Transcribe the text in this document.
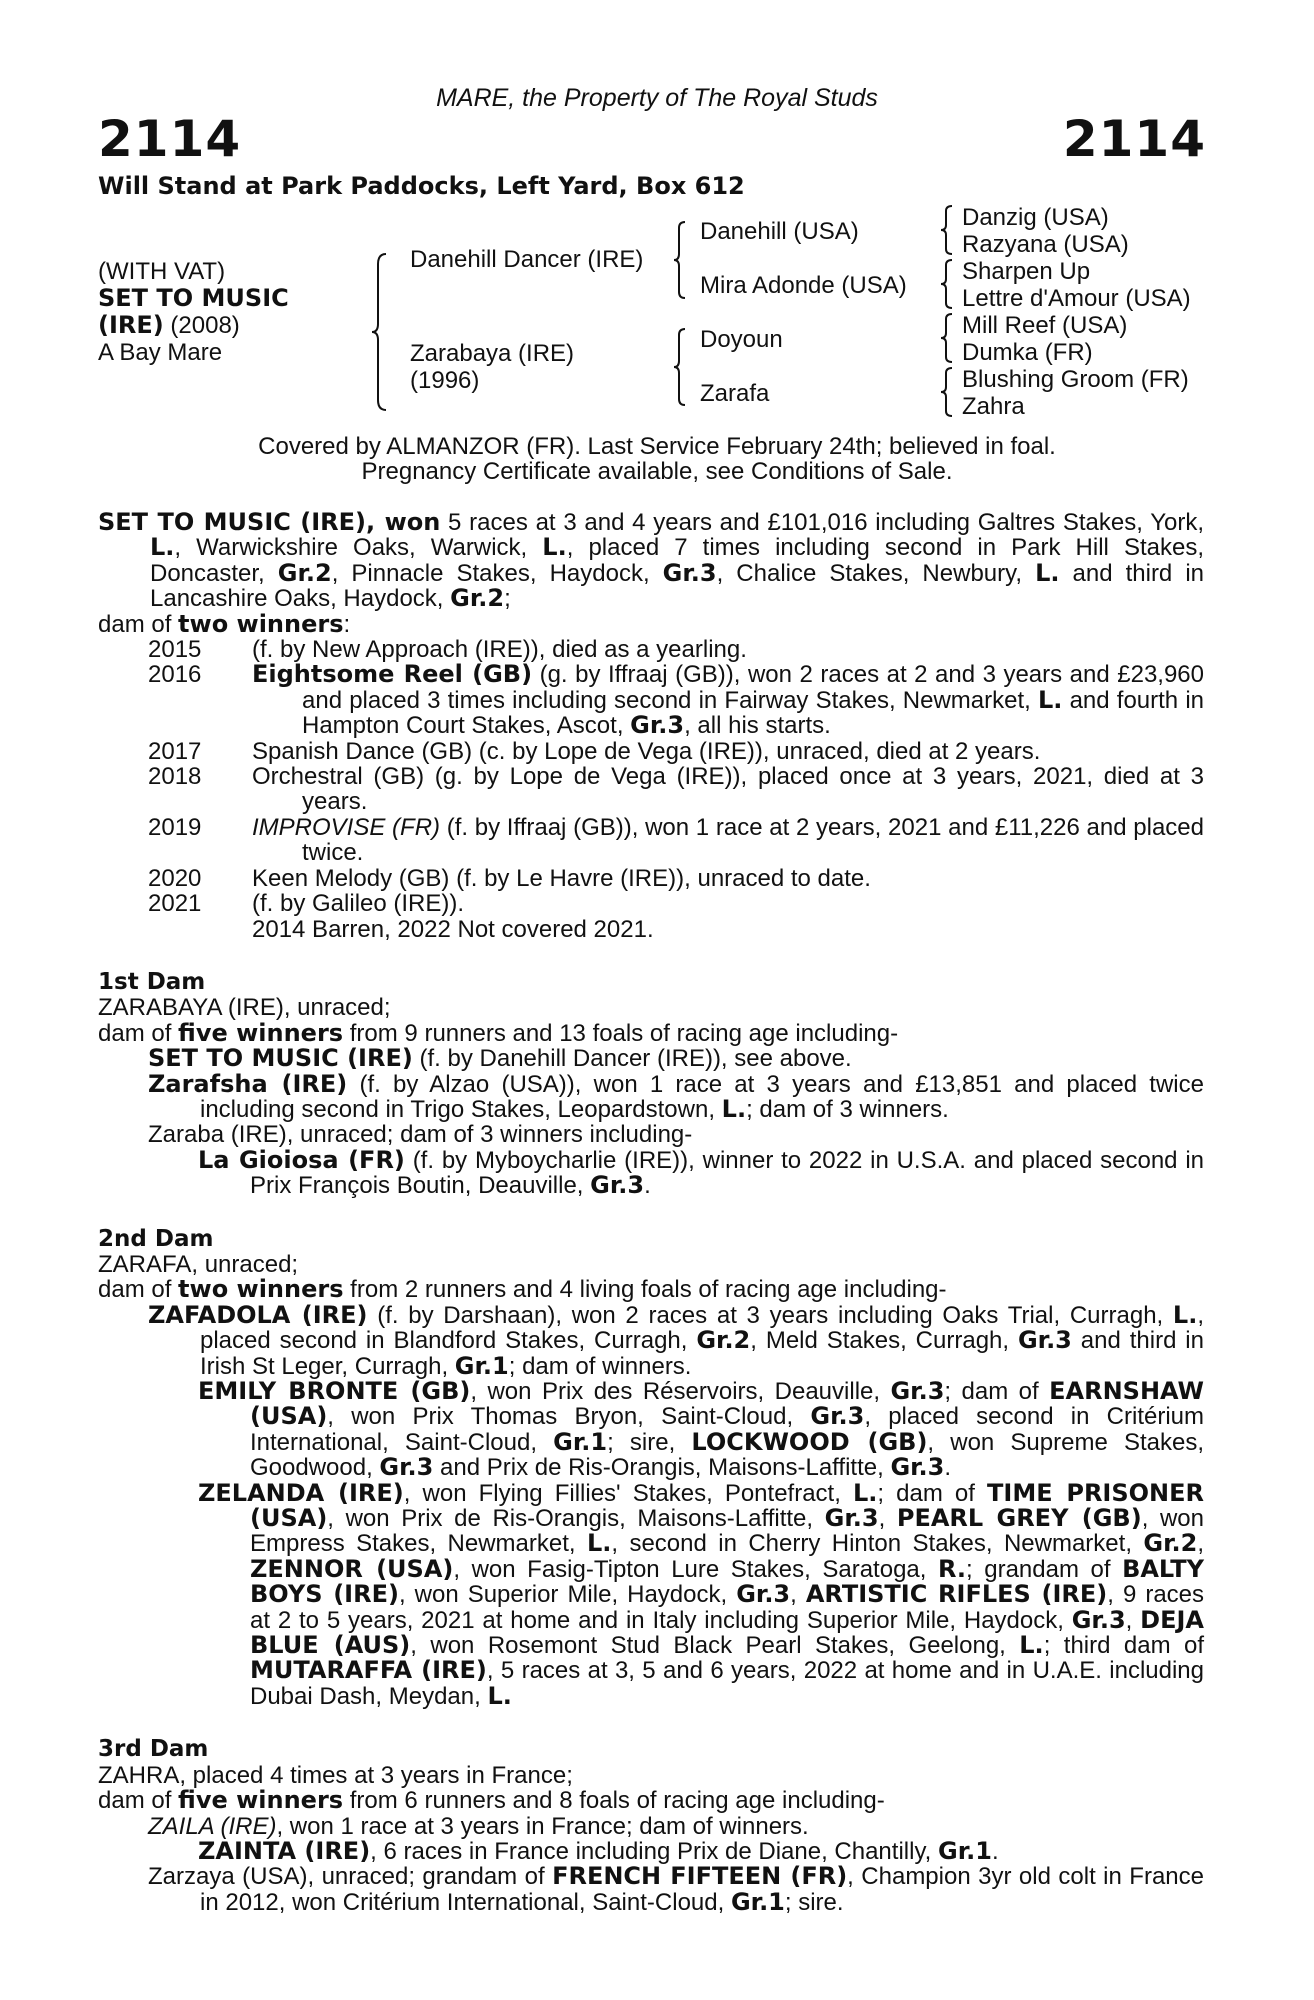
MARE, the Property of The Royal Studs
2114	2114
Will Stand at Park Paddocks, Left Yard, Box 612
(WITH VAT)
SET TO MUSIC
(IRE) (2008)
A Bay Mare
Danehill Dancer (IRE)
Zarabaya (IRE)
(1996)
Danehill (USA)
Mira Adonde (USA)
Doyoun
Zarafa
Danzig (USA)
Razyana (USA)
Sharpen Up
Lettre d'Amour (USA)
Mill Reef (USA)
Dumka (FR)
Blushing Groom (FR)
Zahra
Covered by ALMANZOR (FR). Last Service February 24th; believed in foal.
Pregnancy Certificate available, see Conditions of Sale.

SET TO MUSIC (IRE), won 5 races at 3 and 4 years and £101,016 including Galtres Stakes, York, L., Warwickshire Oaks, Warwick, L., placed 7 times including second in Park Hill Stakes, Doncaster, Gr.2, Pinnacle Stakes, Haydock, Gr.3, Chalice Stakes, Newbury, L. and third in Lancashire Oaks, Haydock, Gr.2;

dam of two winners:

2015	(f. by New Approach (IRE)), died as a yearling.

2016	Eightsome Reel (GB) (g. by Iffraaj (GB)), won 2 races at 2 and 3 years and £23,960 and placed 3 times including second in Fairway Stakes, Newmarket, L. and fourth in Hampton Court Stakes, Ascot, Gr.3, all his starts.

2017	Spanish Dance (GB) (c. by Lope de Vega (IRE)), unraced, died at 2 years.

2018	Orchestral (GB) (g. by Lope de Vega (IRE)), placed once at 3 years, 2021, died at 3 years.

2019	IMPROVISE (FR) (f. by Iffraaj (GB)), won 1 race at 2 years, 2021 and £11,226 and placed twice.

2020	Keen Melody (GB) (f. by Le Havre (IRE)), unraced to date.

2021	(f. by Galileo (IRE)).

2014 Barren, 2022 Not covered 2021.

1st Dam

ZARABAYA (IRE), unraced;

dam of five winners from 9 runners and 13 foals of racing age including-

SET TO MUSIC (IRE) (f. by Danehill Dancer (IRE)), see above.

Zarafsha (IRE) (f. by Alzao (USA)), won 1 race at 3 years and £13,851 and placed twice including second in Trigo Stakes, Leopardstown, L.; dam of 3 winners.

Zaraba (IRE), unraced; dam of 3 winners including-

La Gioiosa (FR) (f. by Myboycharlie (IRE)), winner to 2022 in U.S.A. and placed second in Prix François Boutin, Deauville, Gr.3.

2nd Dam

ZARAFA, unraced;

dam of two winners from 2 runners and 4 living foals of racing age including-

ZAFADOLA (IRE) (f. by Darshaan), won 2 races at 3 years including Oaks Trial, Curragh, L., placed second in Blandford Stakes, Curragh, Gr.2, Meld Stakes, Curragh, Gr.3 and third in Irish St Leger, Curragh, Gr.1; dam of winners.

EMILY BRONTE (GB), won Prix des Réservoirs, Deauville, Gr.3; dam of EARNSHAW (USA), won Prix Thomas Bryon, Saint-Cloud, Gr.3, placed second in Critérium International, Saint-Cloud, Gr.1; sire, LOCKWOOD (GB), won Supreme Stakes, Goodwood, Gr.3 and Prix de Ris-Orangis, Maisons-Laffitte, Gr.3.

ZELANDA (IRE), won Flying Fillies' Stakes, Pontefract, L.; dam of TIME PRISONER (USA), won Prix de Ris-Orangis, Maisons-Laffitte, Gr.3, PEARL GREY (GB), won Empress Stakes, Newmarket, L., second in Cherry Hinton Stakes, Newmarket, Gr.2, ZENNOR (USA), won Fasig-Tipton Lure Stakes, Saratoga, R.; grandam of BALTY BOYS (IRE), won Superior Mile, Haydock, Gr.3, ARTISTIC RIFLES (IRE), 9 races at 2 to 5 years, 2021 at home and in Italy including Superior Mile, Haydock, Gr.3, DEJA BLUE (AUS), won Rosemont Stud Black Pearl Stakes, Geelong, L.; third dam of MUTARAFFA (IRE), 5 races at 3, 5 and 6 years, 2022 at home and in U.A.E. including Dubai Dash, Meydan, L.

3rd Dam

ZAHRA, placed 4 times at 3 years in France;

dam of five winners from 6 runners and 8 foals of racing age including-

ZAILA (IRE), won 1 race at 3 years in France; dam of winners.

ZAINTA (IRE), 6 races in France including Prix de Diane, Chantilly, Gr.1.

Zarzaya (USA), unraced; grandam of FRENCH FIFTEEN (FR), Champion 3yr old colt in France in 2012, won Critérium International, Saint-Cloud, Gr.1; sire.
